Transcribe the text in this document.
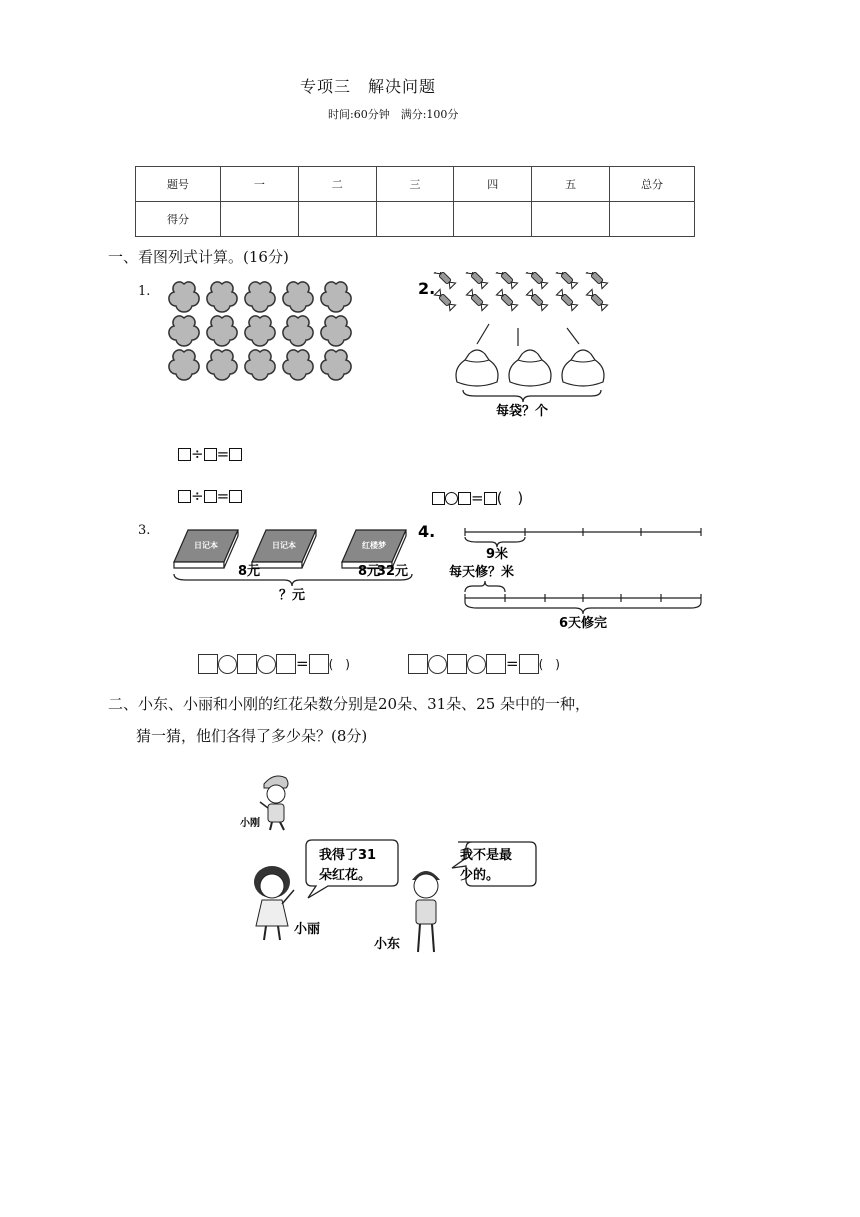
专项三　解决问题
时间:60分钟　满分:100分
题号	一	二	三	四	五	总分
得分						
一、看图列式计算。(16分)
1.	2.
每袋？个
÷ =
÷ =	= (　)
3.
日记本	日记本	红楼梦
8元
8元	32元
？元
4.
9米
每天修？米
6天修完
= (　)	= (　)
二、小东、小丽和小刚的红花朵数分别是20朵、31朵、25 朵中的一种，
猜一猜，他们各得了多少朵？(8分)
小刚
我得了31
朵红花。
小丽
我不是最
少的。
小东
